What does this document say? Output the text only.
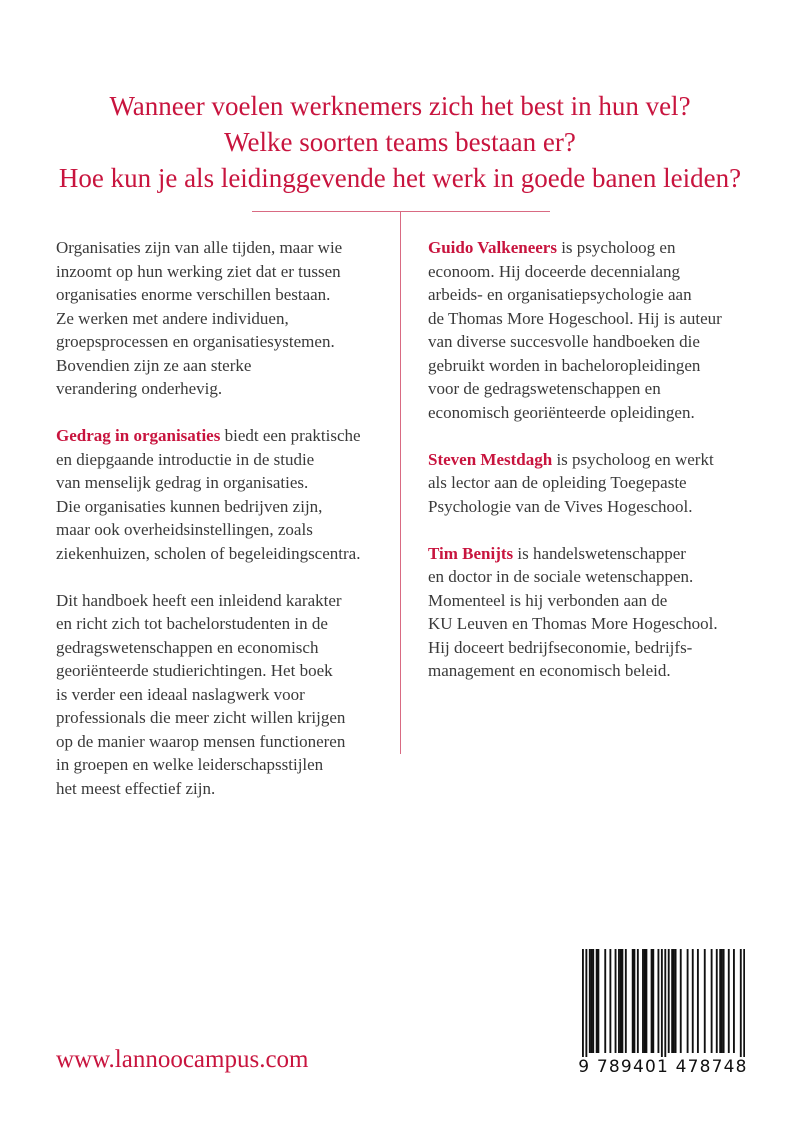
Wanneer voelen werknemers zich het best in hun vel?
Welke soorten teams bestaan er?
Hoe kun je als leidinggevende het werk in goede banen leiden?
Organisaties zijn van alle tijden, maar wie
inzoomt op hun werking ziet dat er tussen
organisaties enorme verschillen bestaan.
Ze werken met andere individuen,
groepsprocessen en organisatiesystemen.
Bovendien zijn ze aan sterke
verandering onderhevig.
Gedrag in organisaties biedt een praktische
en diepgaande introductie in de studie
van menselijk gedrag in organisaties.
Die organisaties kunnen bedrijven zijn,
maar ook overheidsinstellingen, zoals
ziekenhuizen, scholen of begeleidingscentra.
Dit handboek heeft een inleidend karakter
en richt zich tot bachelorstudenten in de
gedragswetenschappen en economisch
georiënteerde studierichtingen. Het boek
is verder een ideaal naslagwerk voor
professionals die meer zicht willen krijgen
op de manier waarop mensen functioneren
in groepen en welke leiderschapsstijlen
het meest effectief zijn.
Guido Valkeneers is psycholoog en
econoom. Hij doceerde decennialang
arbeids- en organisatiepsychologie aan
de Thomas More Hogeschool. Hij is auteur
van diverse succesvolle handboeken die
gebruikt worden in bacheloropleidingen
voor de gedragswetenschappen en
economisch georiënteerde opleidingen.
Steven Mestdagh is psycholoog en werkt
als lector aan de opleiding Toegepaste
Psychologie van de Vives Hogeschool.
Tim Benijts is handelswetenschapper
en doctor in de sociale wetenschappen.
Momenteel is hij verbonden aan de
KU Leuven en Thomas More Hogeschool.
Hij doceert bedrijfseconomie, bedrijfs-
management en economisch beleid.
www.lannoocampus.com	9 789401 478748
